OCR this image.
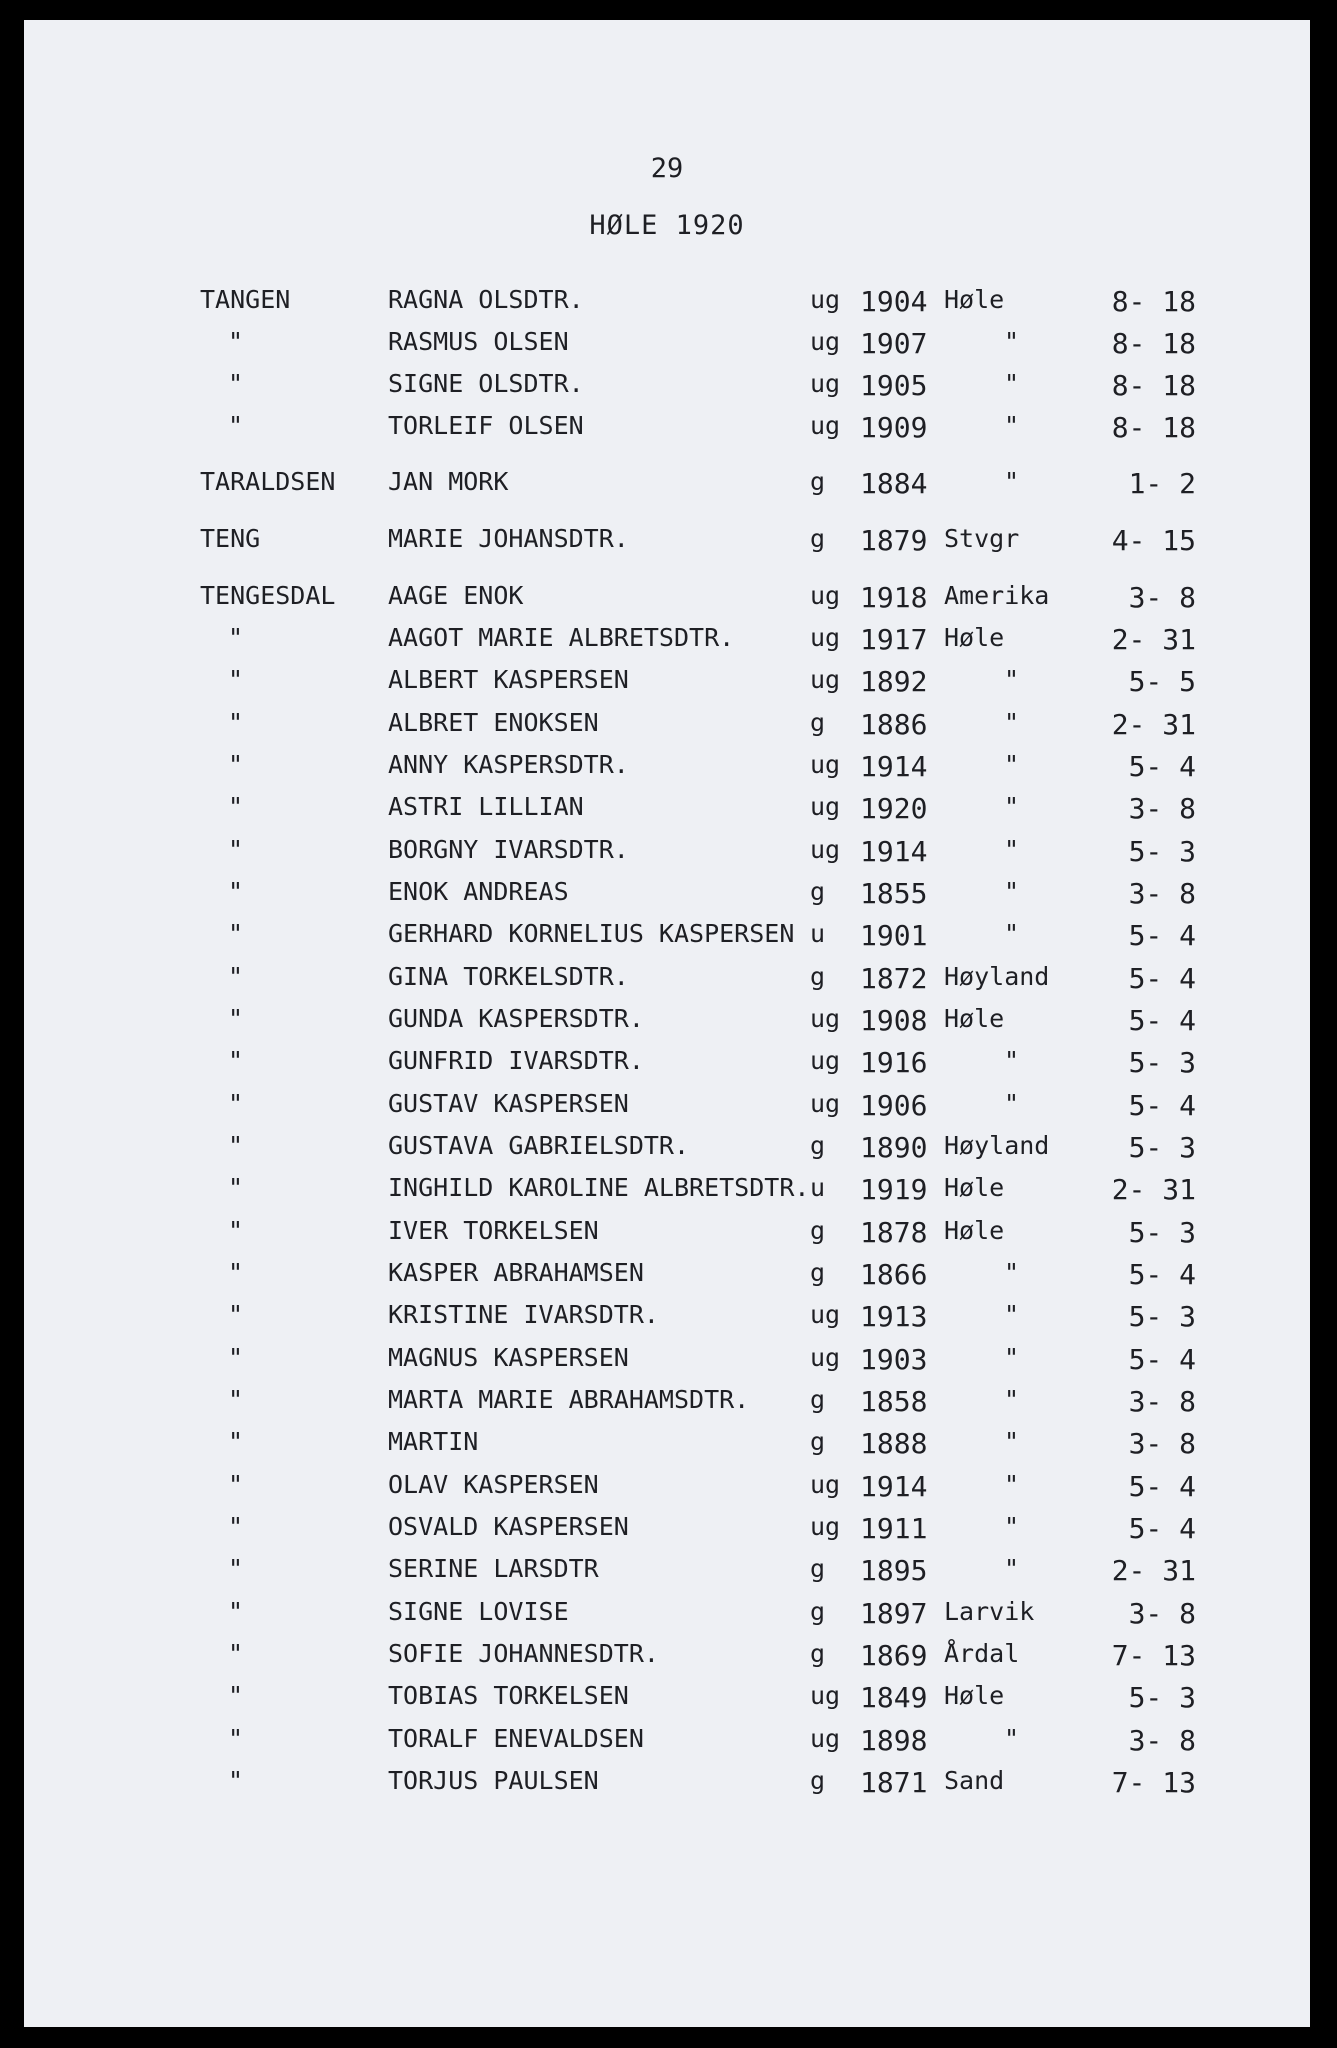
29
HØLE 1920
TANGEN	RAGNA OLSDTR.	ug 1904 Høle	8- 18
"	RASMUS OLSEN	ug 1907	"	8- 18
"	SIGNE OLSDTR.	ug 1905	"	8- 18
"	TORLEIF OLSEN	ug 1909	"	8- 18
TARALDSEN JAN MORK	g 1884	"	1- 2
TENG	MARIE JOHANSDTR.	g 1879 Stvgr	4- 15
TENGESDAL AAGE ENOK	ug 1918 Amerika	3- 8
"	AAGOT MARIE ALBRETSDTR.	ug 1917 Høle	2- 31
"	ALBERT KASPERSEN	ug 1892	"	5- 5
"	ALBRET ENOKSEN	g 1886	"	2- 31
"	ANNY KASPERSDTR.	ug 1914	"	5- 4
"	ASTRI LILLIAN	ug 1920	"	3- 8
"	BORGNY IVARSDTR.	ug 1914	"	5- 3
"	ENOK ANDREAS	g 1855	"	3- 8
"	GERHARD KORNELIUS KASPERSEN u 1901	"	5- 4
"	GINA TORKELSDTR.	g 1872 Høyland	5- 4
"	GUNDA KASPERSDTR.	ug 1908 Høle	5- 4
"	GUNFRID IVARSDTR.	ug 1916	"	5- 3
"	GUSTAV KASPERSEN	ug 1906	"	5- 4
"	GUSTAVA GABRIELSDTR.	g 1890 Høyland	5- 3
"	INGHILD KAROLINE ALBRETSDTR. u 1919 Høle	2- 31
"	IVER TORKELSEN	g 1878 Høle	5- 3
"	KASPER ABRAHAMSEN	g 1866	"	5- 4
"	KRISTINE IVARSDTR.	ug 1913	"	5- 3
"	MAGNUS KASPERSEN	ug 1903	"	5- 4
"	MARTA MARIE ABRAHAMSDTR. g 1858	"	3- 8
"	MARTIN	g 1888	"	3- 8
"	OLAV KASPERSEN	ug 1914	"	5- 4
"	OSVALD KASPERSEN	ug 1911	"	5- 4
"	SERINE LARSDTR	g 1895	"	2- 31
"	SIGNE LOVISE	g 1897 Larvik	3- 8
"	SOFIE JOHANNESDTR.	g 1869 Årdal	7- 13
"	TOBIAS TORKELSEN	ug 1849 Høle	5- 3
"	TORALF ENEVALDSEN	ug 1898	"	3- 8
"	TORJUS PAULSEN	g 1871 Sand	7- 13
